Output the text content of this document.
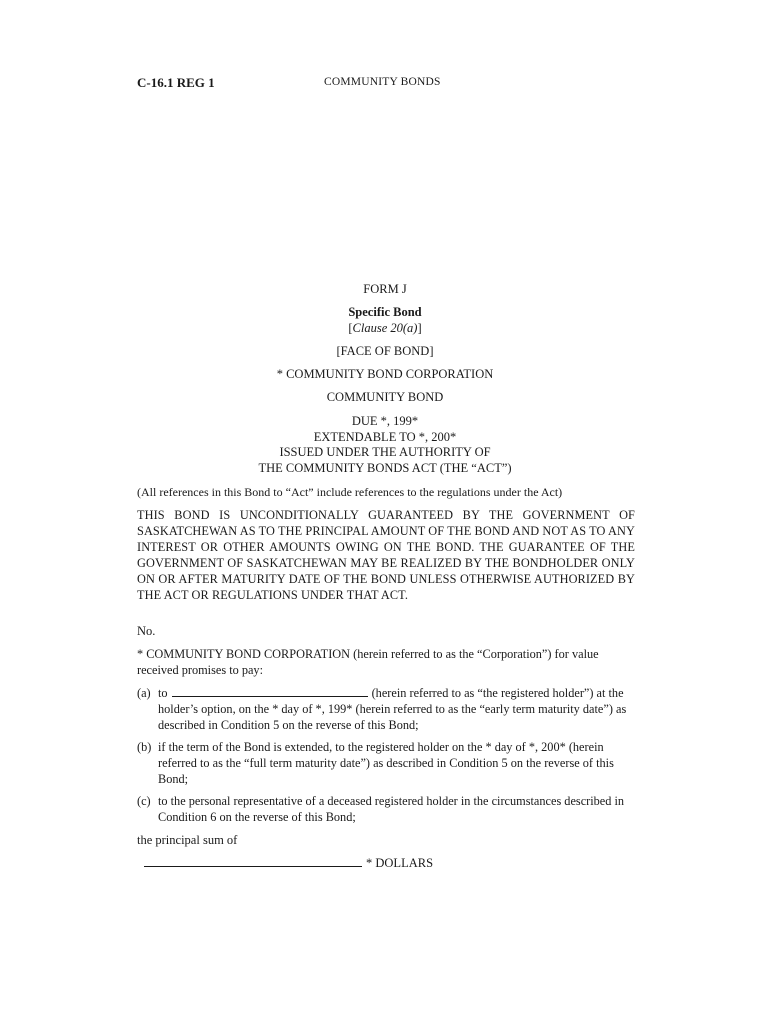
C-16.1 REG 1	COMMUNITY BONDS
FORM J
Specific Bond
[Clause 20(a)]
[FACE OF BOND]
* COMMUNITY BOND CORPORATION
COMMUNITY BOND
DUE *, 199*
EXTENDABLE TO *, 200*
ISSUED UNDER THE AUTHORITY OF
THE COMMUNITY BONDS ACT (THE “ACT”)
(All references in this Bond to “Act” include references to the regulations under the Act)
THIS BOND IS UNCONDITIONALLY GUARANTEED BY THE GOVERNMENT OF SASKATCHEWAN AS TO THE PRINCIPAL AMOUNT OF THE BOND AND NOT AS TO ANY INTEREST OR OTHER AMOUNTS OWING ON THE BOND. THE GUARANTEE OF THE GOVERNMENT OF SASKATCHEWAN MAY BE REALIZED BY THE BONDHOLDER ONLY ON OR AFTER MATURITY DATE OF THE BOND UNLESS OTHERWISE AUTHORIZED BY THE ACT OR REGULATIONS UNDER THAT ACT.
No.
* COMMUNITY BOND CORPORATION (herein referred to as the “Corporation”) for value received promises to pay:
(a) to	(herein referred to as “the registered holder”) at the holder’s option, on the * day of *, 199* (herein referred to as the “early term maturity date”) as described in Condition 5 on the reverse of this Bond;
(b) if the term of the Bond is extended, to the registered holder on the * day of *, 200* (herein referred to as the “full term maturity date”) as described in Condition 5 on the reverse of this Bond;
(c) to the personal representative of a deceased registered holder in the circumstances described in Condition 6 on the reverse of this Bond;
the principal sum of
* DOLLARS
